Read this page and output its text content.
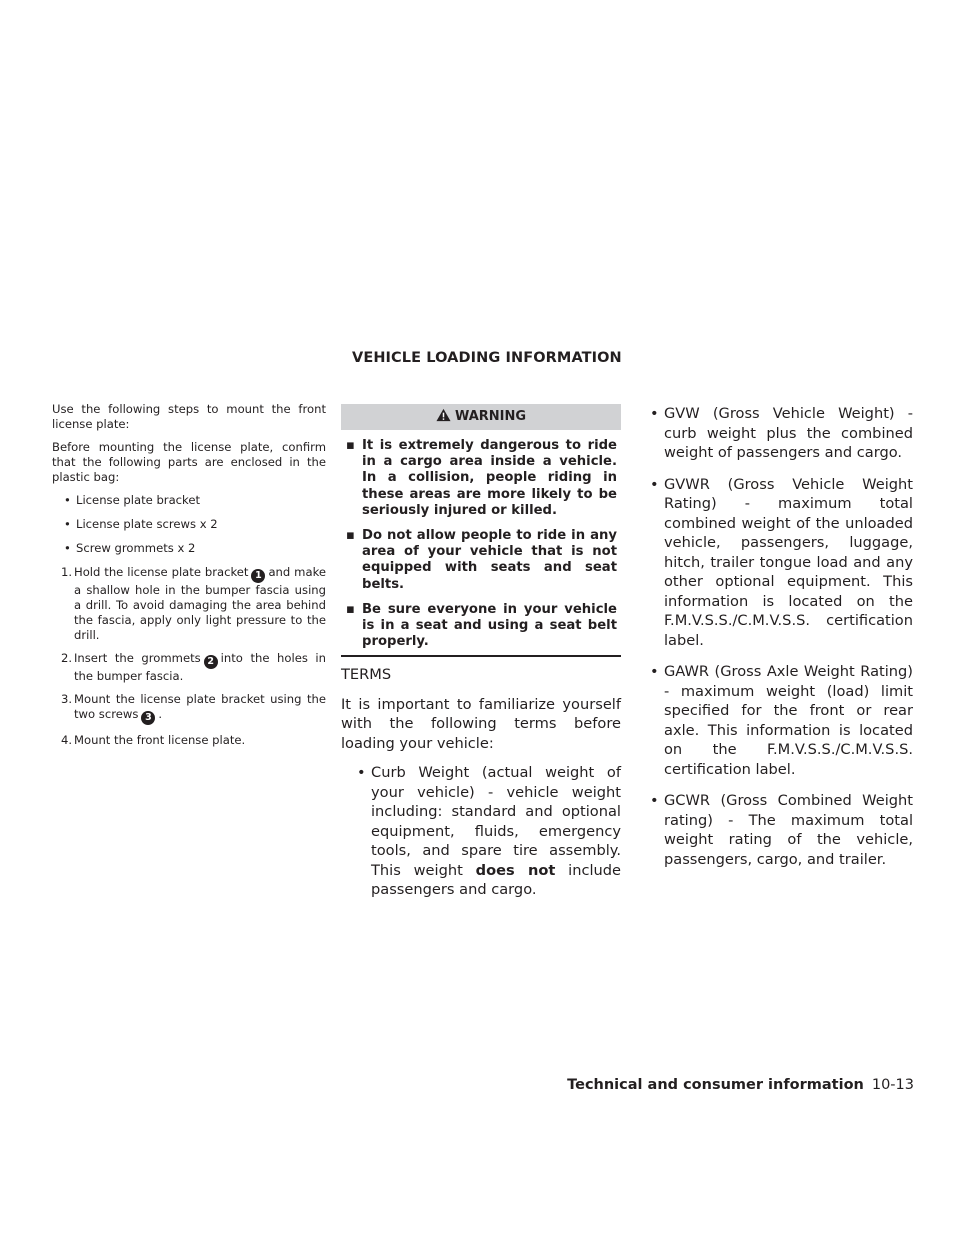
VEHICLE LOADING INFORMATION

Use the following steps to mount the front license plate:

Before mounting the license plate, confirm that the following parts are enclosed in the plastic bag:

• License plate bracket
• License plate screws x 2
• Screw grommets x 2
1. Hold the license plate bracket 1 and make a shallow hole in the bumper fascia using a drill. To avoid damaging the area behind the fascia, apply only light pressure to the drill.
2. Insert the grommets 2 into the holes in the bumper fascia.
3. Mount the license plate bracket using the two screws 3 .
4. Mount the front license plate.
WARNING
▪ It is extremely dangerous to ride in a cargo area inside a vehicle. In a collision, people riding in these areas are more likely to be seriously injured or killed.
▪ Do not allow people to ride in any area of your vehicle that is not equipped with seats and seat belts.
▪ Be sure everyone in your vehicle is in a seat and using a seat belt properly.

TERMS

It is important to familiarize yourself with the following terms before loading your vehicle:

• Curb Weight (actual weight of your vehicle) - vehicle weight including: standard and optional equipment, fluids, emergency tools, and spare tire assembly. This weight does not include passengers and cargo.
• GVW (Gross Vehicle Weight) - curb weight plus the combined weight of passengers and cargo.
• GVWR (Gross Vehicle Weight Rating) - maximum total combined weight of the unloaded vehicle, passengers, luggage, hitch, trailer tongue load and any other optional equipment. This information is located on the F.M.V.S.S./C.M.V.S.S. certification label.
• GAWR (Gross Axle Weight Rating) - maximum weight (load) limit specified for the front or rear axle. This information is located on the F.M.V.S.S./C.M.V.S.S. certification label.
• GCWR (Gross Combined Weight rating) - The maximum total weight rating of the vehicle, passengers, cargo, and trailer.
Technical and consumer information 10-13
